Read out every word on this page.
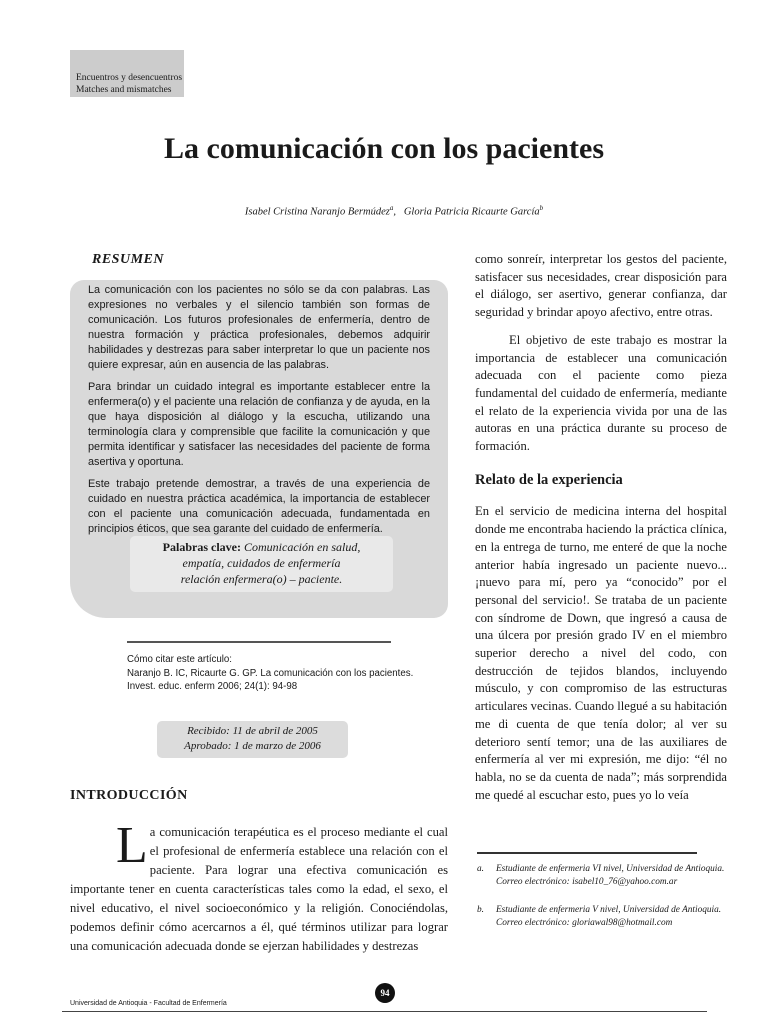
Encuentros y desencuentros
Matches and mismatches
La comunicación con los pacientes
Isabel Cristina Naranjo Bermúdez$^a$,   Gloria Patricia Ricaurte García$^b$
RESUMEN

La comunicación con los pacientes no sólo se da con palabras. Las expresiones no verbales y el silencio también son formas de comunicación. Los futuros profesionales de enfermería, dentro de nuestra formación y práctica profesionales, debemos adquirir habilidades y destrezas para saber interpretar lo que un paciente nos quiere expresar, aún en ausencia de las palabras.

Para brindar un cuidado integral es importante establecer entre la enfermera(o) y el paciente una relación de confianza y de ayuda, en la que haya disposición al diálogo y la escucha, utilizando una terminología clara y comprensible que facilite la comunicación y que permita identificar y satisfacer las necesidades del paciente de forma asertiva y oportuna.

Este trabajo pretende demostrar, a través de una experiencia de cuidado en nuestra práctica académica, la importancia de establecer con el paciente una comunicación adecuada, fundamentada en principios éticos, que sea garante del cuidado de enfermería.

Palabras clave: Comunicación en salud,
empatía, cuidados de enfermería
relación enfermera(o) – paciente.
Cómo citar este artículo:
Naranjo B. IC, Ricaurte G. GP. La comunicación con los pacientes. Invest. educ. enferm 2006; 24(1): 94-98
Recibido: 11 de abril de 2005
Aprobado: 1 de marzo de 2006
INTRODUCCIÓN
La comunicación terapéutica es el proceso mediante el cual el profesional de enfermería establece una relación con el paciente. Para lograr una efectiva comunicación es importante tener en cuenta características tales como la edad, el sexo, el nivel educativo, el nivel socioeconómico y la religión. Conociéndolas, podemos definir cómo acercarnos a él, qué términos utilizar para lograr una comunicación adecuada donde se ejerzan habilidades y destrezas

como sonreír, interpretar los gestos del paciente, satisfacer sus necesidades, crear disposición para el diálogo, ser asertivo, generar confianza, dar seguridad y brindar apoyo afectivo, entre otras.

El objetivo de este trabajo es mostrar la importancia de establecer una comunicación adecuada con el paciente como pieza fundamental del cuidado de enfermería, mediante el relato de la experiencia vivida por una de las autoras en una práctica durante su proceso de formación.

Relato de la experiencia

En el servicio de medicina interna del hospital donde me encontraba haciendo la práctica clínica, en la entrega de turno, me enteré de que la noche anterior había ingresado un paciente nuevo... ¡nuevo para mí, pero ya “conocido” por el personal del servicio!. Se trataba de un paciente con síndrome de Down, que ingresó a causa de una úlcera por presión grado IV en el miembro superior derecho a nivel del codo, con destrucción de tejidos blandos, incluyendo músculo, y con compromiso de las estructuras articulares vecinas. Cuando llegué a su habitación me di cuenta de que tenía dolor; al ver su deterioro sentí temor; una de las auxiliares de enfermería al ver mi expresión, me dijo: “él no habla, no se da cuenta de nada”; más sorprendida me quedé al escuchar esto, pues yo lo veía

a. Estudiante de enfermeria VI nivel, Universidad de Antioquia. Correo electrónico: isabel10_76@yahoo.com.ar
b. Estudiante de enfermeria V nivel, Universidad de Antioquia. Correo electrónico: gloriawal98@hotmail.com
Universidad de Antioquia - Facultad de Enfermería
94
